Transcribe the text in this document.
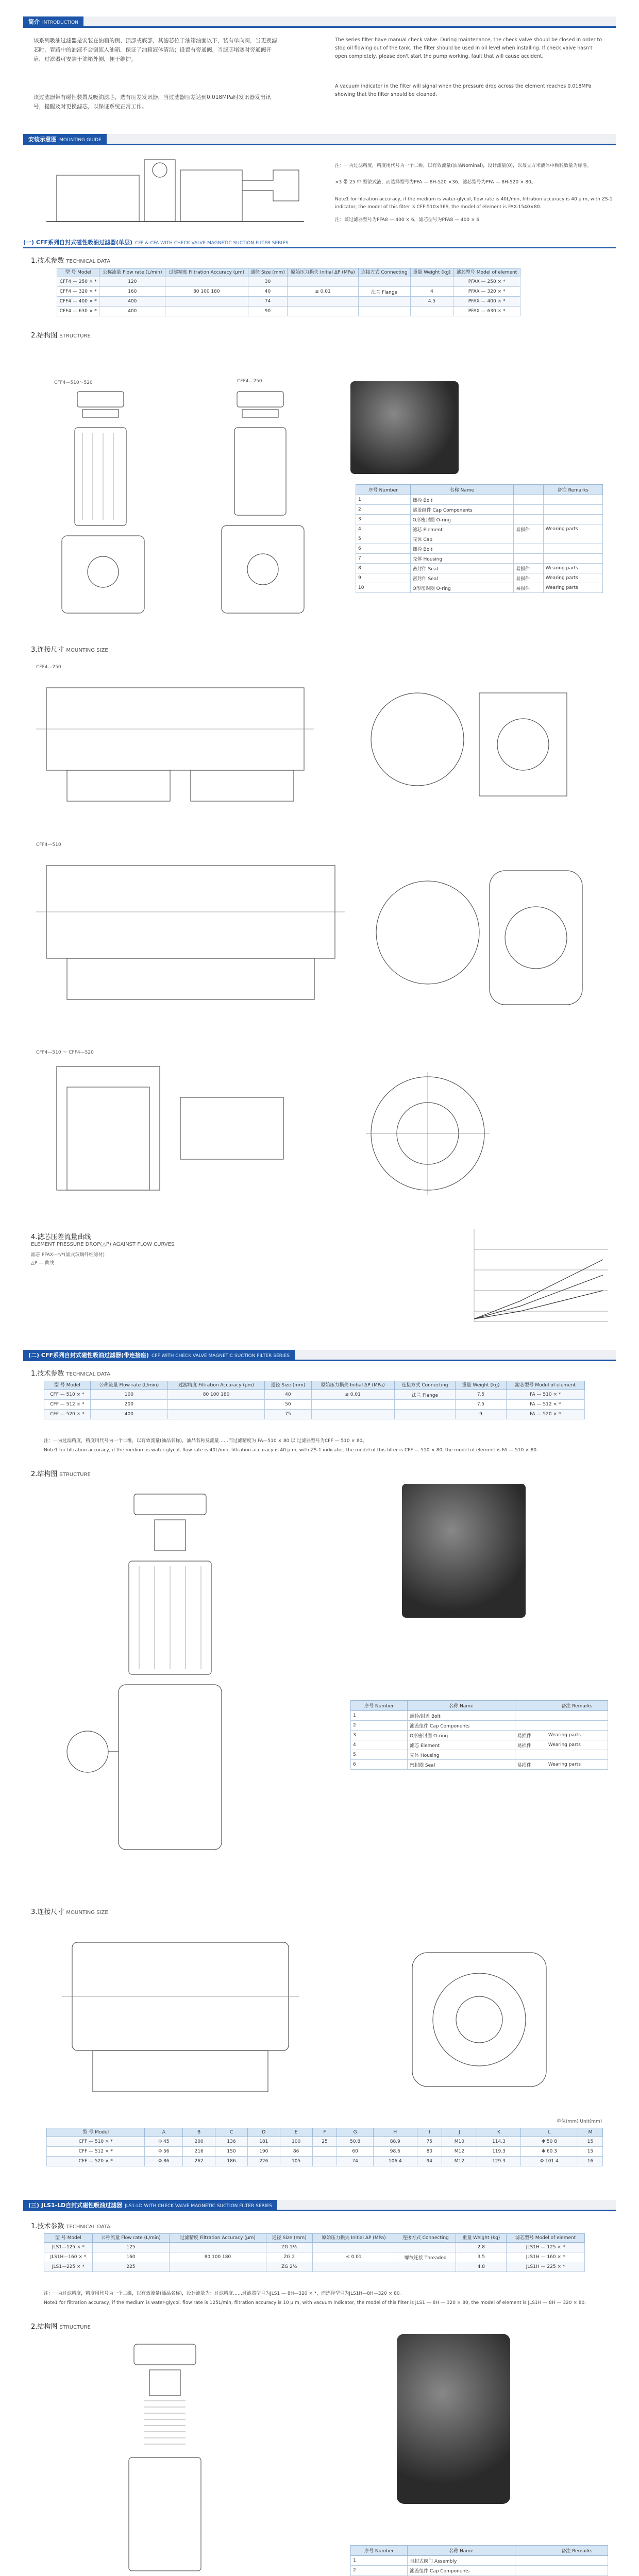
简介 INTRODUCTION
该系列吸油过滤器是安装在油箱的侧、顶部或底部，其滤芯位于油箱油面以下，装有单向阀，当更换滤芯时，管路中的油液不会倒流入油箱，保证了油箱液体清洁；设置有旁通阀，当滤芯堵塞时旁通阀开启，过滤器可安装于油箱外侧，便于维护。
该过滤器带有磁性装置及吸油滤芯，选有压差发讯器，当过滤器压差达到0.018MPa时发讯器发出讯号，提醒及时更换滤芯，以保证系统正常工作。
The series filter have manual check valve. During maintenance, the check valve should be closed in order to stop oil flowing out of the tank. The filter should be used in oil level when installing. If check valve hasn't open completely, please don't start the pump working, fault that will cause accident.
A vacuum indicator in the filter will signal when the pressure drop across the element reaches 0.018MPa showing that the filter should be cleaned.
安装示意图 MOUNTING GUIDE
注：一为过滤精度，精度用代号为一个二维，以有效流量(油品Nominal)，设计流量(0)，以每立方米液体中颗粒数量为标准。
×3 带 25 中 型浓式液，而选择型号为PFA — 8H-520 ×36，滤芯型号为PFA — 8H-520 × 80。
Note1 for filtration accuracy, if the medium is water-glycol, flow rate is 40L/min, filtration accuracy is 40 μ m, with ZS-1 indicator, the model of this filter is CFF-510×36S, the model of element is FAX-1540×80.
注：该过滤器型号为PFA8 — 400 × 6，滤芯型号为PFA8 — 400 × 6.
(一) CFF系列自封式磁性吸油过滤器(单层) CFF & CFA WITH CHECK VALVE MAGNETIC SUCTION FILTER SERIES
1.技术参数 TECHNICAL DATA
型 号 Model	公称流量 Flow rate (L/min)	过滤精度 Filtration Accuracy (μm)	通径 Size (mm)	原始压力损失 Initial ΔP (MPa)	连接方式 Connecting	重量 Weight (kg)	滤芯型号 Model of element
CFF4 — 250 × *	120		30				PFAX — 250 × *
CFF4 — 320 × *	160	80 100 180	40	≤ 0.01	法兰 Flange	4	PFAX — 320 × *
CFF4 — 400 × *	400		74			4.5	PFAX — 400 × *
CFF4 — 630 × *	400		90				PFAX — 630 × *
2.结构图 STRUCTURE
CFF4—510～520	CFF4—250
序号 Number	名称 Name		备注 Remarks
1	螺栓 Bolt		
2	滤盖组件 Cap Components		
3	O形密封圈 O-ring		
4	滤芯 Element	易损件	Wearing parts
5	壳体 Cap		
6	螺栓 Bolt		
7	壳体 Housing		
8	密封件 Seal	易损件	Wearing parts
9	密封件 Seal	易损件	Wearing parts
10	O形密封圈 O-ring	易损件	Wearing parts
3.连接尺寸 MOUNTING SIZE
CFF4—250
CFF4—510
CFF4—510 ～ CFF4—520
4.滤芯压差流量曲线
ELEMENT PRESSURE DROP(△P) AGAINST FLOW CURVES
滤芯 PFAX—*/*(滤式玻璃纤维滤材)
△P — 曲线
(二) CFF系列自封式磁性吸油过滤器(带连接座) CFF WITH CHECK VALVE MAGNETIC SUCTION FILTER SERIES
1.技术参数 TECHNICAL DATA
型 号 Model	公称流量 Flow rate (L/min)	过滤精度 Filtration Accuracy (μm)	通径 Size (mm)	原始压力损失 Initial ΔP (MPa)	连接方式 Connecting	重量 Weight (kg)	滤芯型号 Model of element
CFF — 510 × *	100	80 100 180	40	≤ 0.01	法兰 Flange	7.5	FA — 510 × *
CFF — 512 × *	200		50			7.5	FA — 512 × *
CFF — 520 × *	400		75			9	FA — 520 × *
注：一为过滤精度，精度用代号为一个二维，以有效流量(油品名称)，油品名称及流量……而过滤精度为 FA—510 × 80 以 过滤器型号为CFF — 510 × 80。
Note1 for filtration accuracy, if the medium is water-glycol, flow rate is 40L/min, filtration accuracy is 40 μ m, with ZS-1 indicator, the model of this filter is CFF — 510 × 80, the model of element is FA — 510 × 80.
2.结构图 STRUCTURE
序号 Number	名称 Name		备注 Remarks
1	螺栓/封盖 Bolt		
2	滤盖组件 Cap Components		
3	O形密封圈 O-ring	易损件	Wearing parts
4	滤芯 Element	易损件	Wearing parts
5	壳体 Housing		
6	密封圈 Seal	易损件	Wearing parts
3.连接尺寸 MOUNTING SIZE
单位(mm) Unit(mm)
型 号 Model	A	B	C	D	E	F	G	H	I	J	K	L	M
CFF — 510 × *	Φ 45	200	136	181	100	25	50.8	88.9	75	M10	114.3	Φ 50 8	15
CFF — 512 × *	Φ 56	216	150	190	86		60	98.6	80	M12	119.3	Φ 60 3	15
CFF — 520 × *	Φ 86	262	186	226	105		74	106.4	94	M12	129.3	Φ 101 4	16
(三) JLS1-LD自封式磁性吸油过滤器 JLS1-LD WITH CHECK VALVE MAGNETIC SUCTION FILTER SERIES
1.技术参数 TECHNICAL DATA
型 号 Model	公称流量 Flow rate (L/min)	过滤精度 Filtration Accuracy (μm)	通径 Size (mm)	原始压力损失 Initial ΔP (MPa)	连接方式 Connecting	重量 Weight (kg)	滤芯型号 Model of element
JLS1—125 × *	125		ZG 1½			2.8	JLS1H — 125 × *
JLS1H—160 × *	160	80 100 180	ZG 2	≤ 0.01	螺纹连接 Threaded	3.5	JLS1H — 160 × *
JLS1—225 × *	225		ZG 2½			4.8	JLS1H — 225 × *
注：一为过滤精度，精度用代号为一个二维，以有效流量(油品名称)，设计流量为：过滤精度……过滤器型号为JLS1 — 8H—320 × *，而选择型号为JLS1H—8H—320 × 80。
Note1 for filtration accuracy, if the medium is water-glycol, flow rate is 125L/min, filtration accuracy is 10 μ m, with vacuum indicator, the model of this filter is JLS1 — 8H — 320 × 80, the model of element is JLS1H — 8H — 320 × 80.
2.结构图 STRUCTURE
序号 Number	名称 Name		备注 Remarks
1	自封式阀门 Assembly		
2	滤盖组件 Cap Components		
